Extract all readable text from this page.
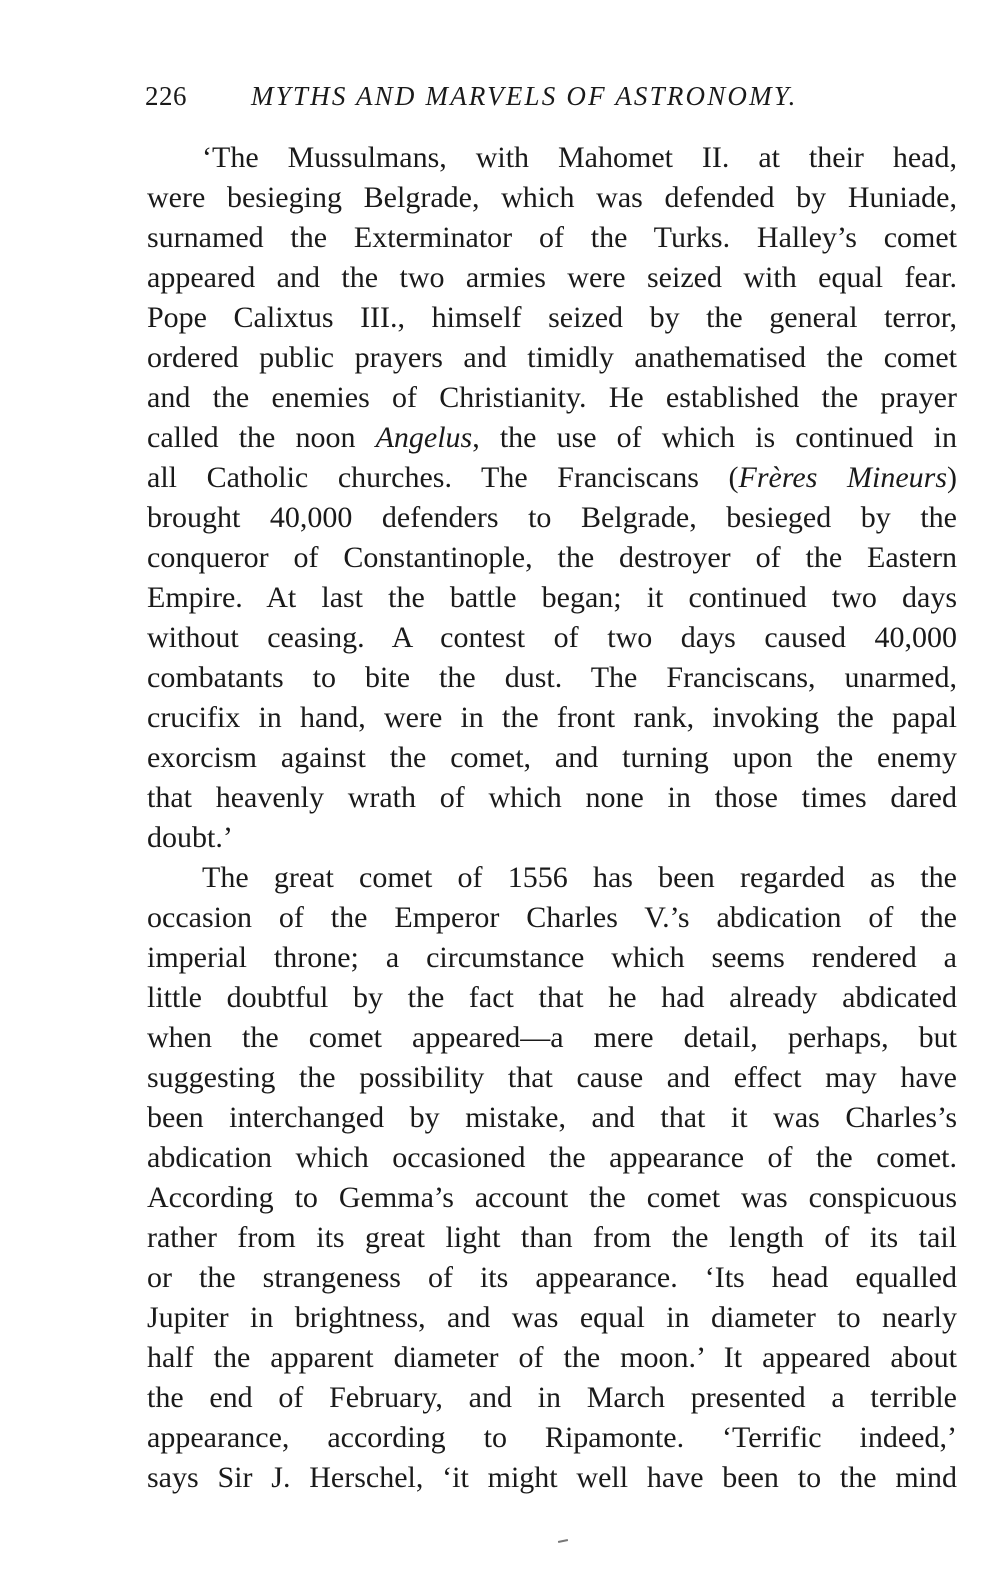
226 MYTHS AND MARVELS OF ASTRONOMY.
‘The Mussulmans, with Mahomet II. at their head,
were besieging Belgrade, which was defended by Huniade,
surnamed the Exterminator of the Turks. Halley’s comet
appeared and the two armies were seized with equal fear.
Pope Calixtus III., himself seized by the general terror,
ordered public prayers and timidly anathematised the comet
and the enemies of Christianity. He established the prayer
called the noon Angelus, the use of which is continued in
all Catholic churches. The Franciscans (Frères Mineurs)
brought 40,000 defenders to Belgrade, besieged by the
conqueror of Constantinople, the destroyer of the Eastern
Empire. At last the battle began; it continued two days
without ceasing. A contest of two days caused 40,000
combatants to bite the dust. The Franciscans, unarmed,
crucifix in hand, were in the front rank, invoking the papal
exorcism against the comet, and turning upon the enemy
that heavenly wrath of which none in those times dared
doubt.’
The great comet of 1556 has been regarded as the
occasion of the Emperor Charles V.’s abdication of the
imperial throne; a circumstance which seems rendered a
little doubtful by the fact that he had already abdicated
when the comet appeared—a mere detail, perhaps, but
suggesting the possibility that cause and effect may have
been interchanged by mistake, and that it was Charles’s
abdication which occasioned the appearance of the comet.
According to Gemma’s account the comet was conspicuous
rather from its great light than from the length of its tail
or the strangeness of its appearance. ‘Its head equalled
Jupiter in brightness, and was equal in diameter to nearly
half the apparent diameter of the moon.’ It appeared about
the end of February, and in March presented a terrible
appearance, according to Ripamonte. ‘Terrific indeed,’
says Sir J. Herschel, ‘it might well have been to the mind
